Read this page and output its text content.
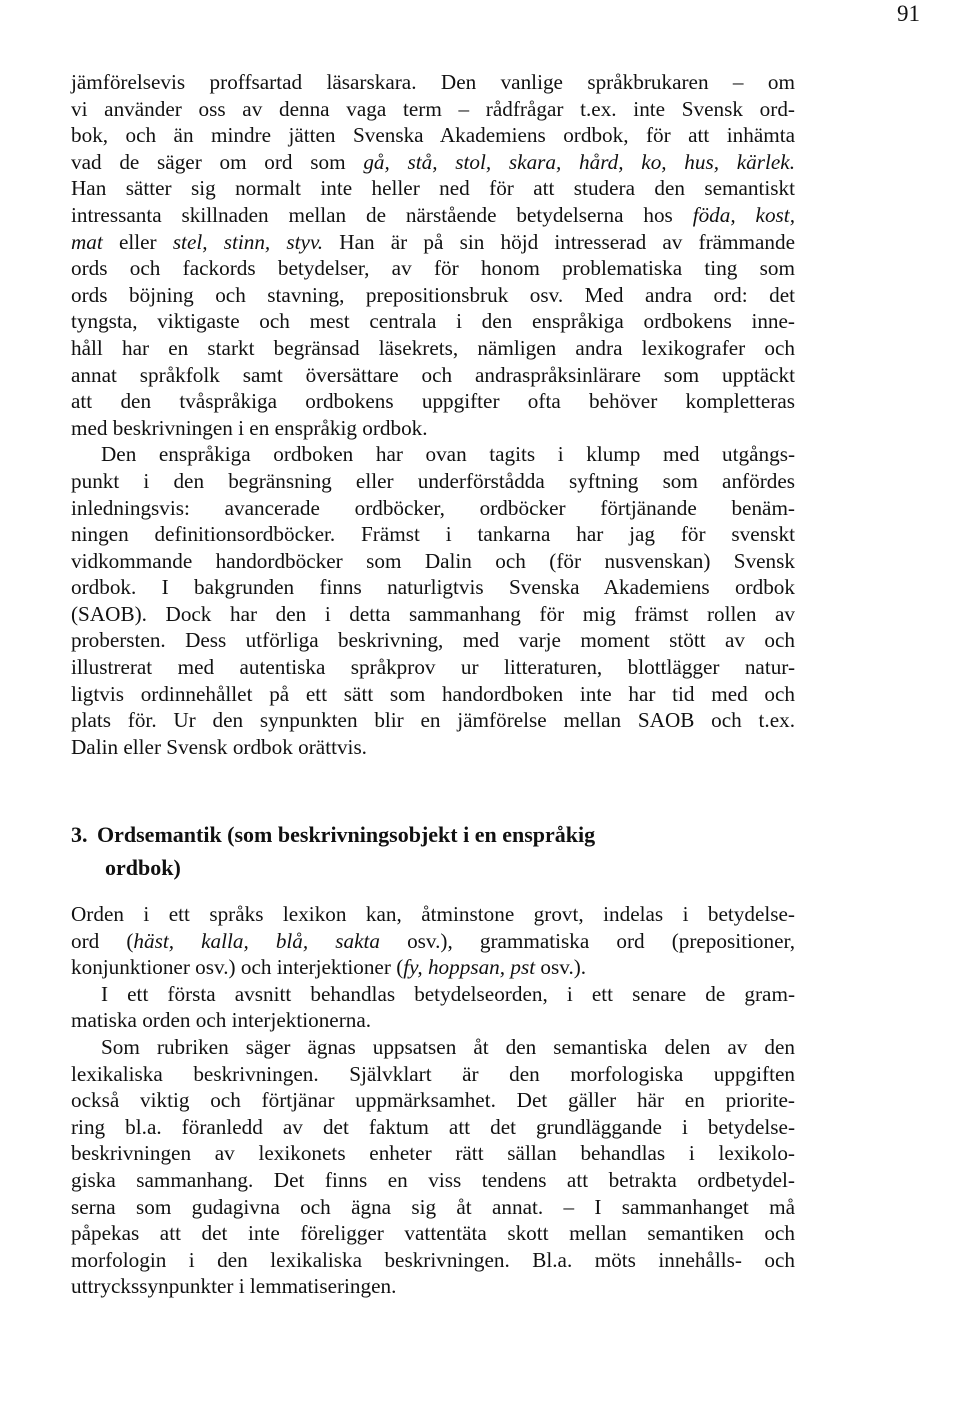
91
jämförelsevis proffsartad läsarskara. Den vanlige språkbrukaren – om
vi använder oss av denna vaga term – rådfrågar t.ex. inte Svensk ord-
bok, och än mindre jätten Svenska Akademiens ordbok, för att inhämta
vad de säger om ord som gå, stå, stol, skara, hård, ko, hus, kärlek.
Han sätter sig normalt inte heller ned för att studera den semantiskt
intressanta skillnaden mellan de närstående betydelserna hos föda, kost,
mat eller stel, stinn, styv. Han är på sin höjd intresserad av främmande
ords och fackords betydelser, av för honom problematiska ting som
ords böjning och stavning, prepositionsbruk osv. Med andra ord: det
tyngsta, viktigaste och mest centrala i den enspråkiga ordbokens inne-
håll har en starkt begränsad läsekrets, nämligen andra lexikografer och
annat språkfolk samt översättare och andraspråksinlärare som upptäckt
att den tvåspråkiga ordbokens uppgifter ofta behöver kompletteras
med beskrivningen i en enspråkig ordbok.
Den enspråkiga ordboken har ovan tagits i klump med utgångs-
punkt i den begränsning eller underförstådda syftning som anfördes
inledningsvis: avancerade ordböcker, ordböcker förtjänande benäm-
ningen definitionsordböcker. Främst i tankarna har jag för svenskt
vidkommande handordböcker som Dalin och (för nusvenskan) Svensk
ordbok. I bakgrunden finns naturligtvis Svenska Akademiens ordbok
(SAOB). Dock har den i detta sammanhang för mig främst rollen av
probersten. Dess utförliga beskrivning, med varje moment stött av och
illustrerat med autentiska språkprov ur litteraturen, blottlägger natur-
ligtvis ordinnehållet på ett sätt som handordboken inte har tid med och
plats för. Ur den synpunkten blir en jämförelse mellan SAOB och t.ex.
Dalin eller Svensk ordbok orättvis.
3. Ordsemantik (som beskrivningsobjekt i en enspråkig
ordbok)
Orden i ett språks lexikon kan, åtminstone grovt, indelas i betydelse-
ord (häst, kalla, blå, sakta osv.), grammatiska ord (prepositioner,
konjunktioner osv.) och interjektioner (fy, hoppsan, pst osv.).
I ett första avsnitt behandlas betydelseorden, i ett senare de gram-
matiska orden och interjektionerna.
Som rubriken säger ägnas uppsatsen åt den semantiska delen av den
lexikaliska beskrivningen. Självklart är den morfologiska uppgiften
också viktig och förtjänar uppmärksamhet. Det gäller här en priorite-
ring bl.a. föranledd av det faktum att det grundläggande i betydelse-
beskrivningen av lexikonets enheter rätt sällan behandlas i lexikolo-
giska sammanhang. Det finns en viss tendens att betrakta ordbetydel-
serna som gudagivna och ägna sig åt annat. – I sammanhanget må
påpekas att det inte föreligger vattentäta skott mellan semantiken och
morfologin i den lexikaliska beskrivningen. Bl.a. möts innehålls- och
uttryckssynpunkter i lemmatiseringen.
